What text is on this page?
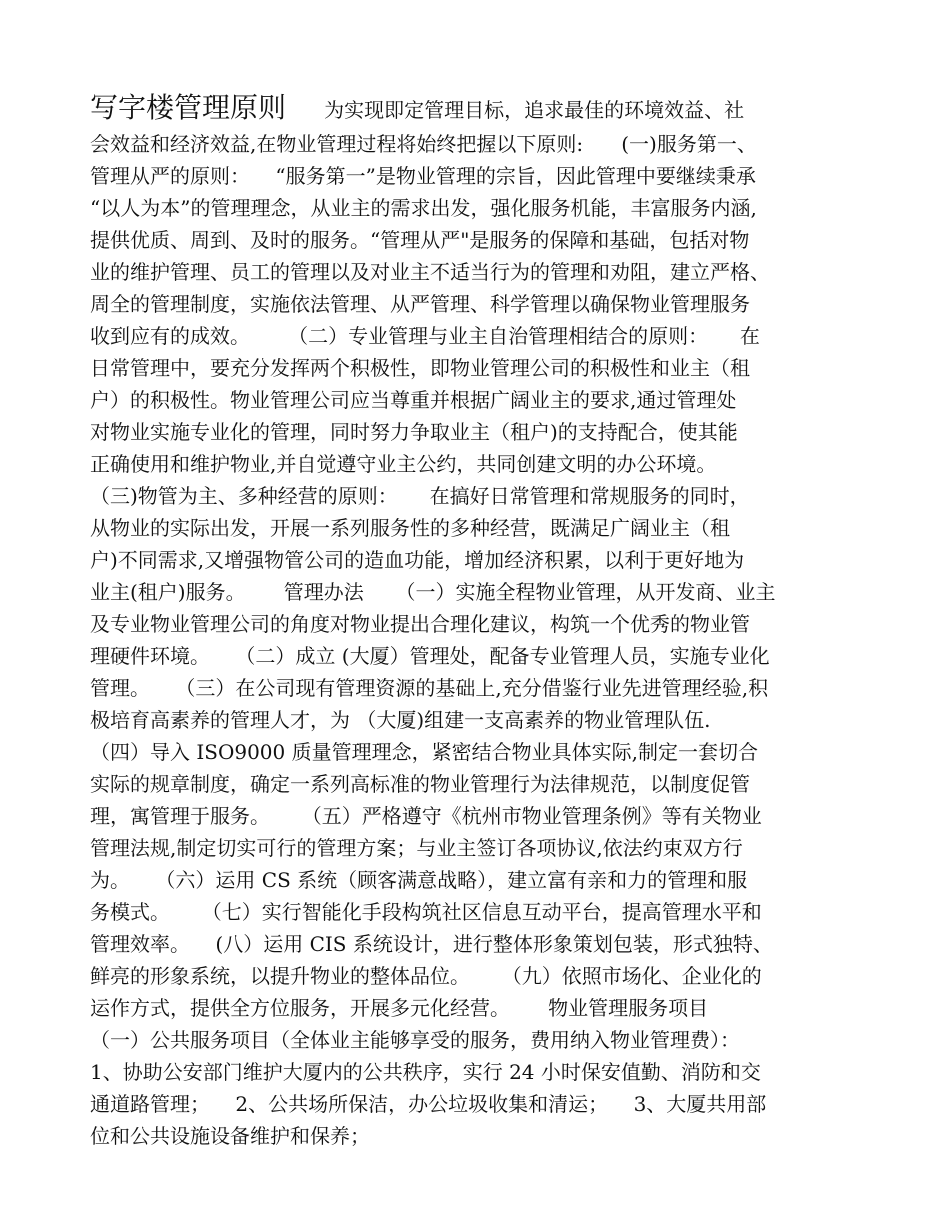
写字楼管理原则      为实现即定管理目标，追求最佳的环境效益、社
会效益和经济效益,在物业管理过程将始终把握以下原则:      (一)服务第一、
管理从严的原则：    “服务第一”是物业管理的宗旨，因此管理中要继续秉承
“以人为本”的管理理念，从业主的需求出发，强化服务机能，丰富服务内涵,
提供优质、周到、及时的服务。“管理从严"是服务的保障和基础，包括对物
业的维护管理、员工的管理以及对业主不适当行为的管理和劝阻，建立严格、
周全的管理制度，实施依法管理、从严管理、科学管理以确保物业管理服务
收到应有的成效。      （二）专业管理与业主自治管理相结合的原则：     在
日常管理中，要充分发挥两个积极性，即物业管理公司的积极性和业主（租
户）的积极性。物业管理公司应当尊重并根据广阔业主的要求,通过管理处
对物业实施专业化的管理，同时努力争取业主（租户)的支持配合，使其能
正确使用和维护物业,并自觉遵守业主公约，共同创建文明的办公环境。
（三)物管为主、多种经营的原则：     在搞好日常管理和常规服务的同时，
从物业的实际出发，开展一系列服务性的多种经营，既满足广阔业主（租
户)不同需求,又增强物管公司的造血功能，增加经济积累，以利于更好地为
业主(租户)服务。      管理办法     （一）实施全程物业管理，从开发商、业主
及专业物业管理公司的角度对物业提出合理化建议，构筑一个优秀的物业管
理硬件环境。    （二）成立 (大厦）管理处，配备专业管理人员，实施专业化
管理。    （三）在公司现有管理资源的基础上,充分借鉴行业先进管理经验,积
极培育高素养的管理人才，为 （大厦)组建一支高素养的物业管理队伍.
（四）导入 ISO9000 质量管理理念，紧密结合物业具体实际,制定一套切合
实际的规章制度，确定一系列高标准的物业管理行为法律规范，以制度促管
理，寓管理于服务。     （五）严格遵守《杭州市物业管理条例》等有关物业
管理法规,制定切实可行的管理方案；与业主签订各项协议,依法约束双方行
为。    （六）运用 CS 系统（顾客满意战略），建立富有亲和力的管理和服
务模式。     （七）实行智能化手段构筑社区信息互动平台，提高管理水平和
管理效率。    (八）运用 CIS 系统设计，进行整体形象策划包装，形式独特、
鲜亮的形象系统，以提升物业的整体品位。     （九）依照市场化、企业化的
运作方式，提供全方位服务，开展多元化经营。      物业管理服务项目
（一）公共服务项目（全体业主能够享受的服务，费用纳入物业管理费）：
1、协助公安部门维护大厦内的公共秩序，实行 24 小时保安值勤、消防和交
通道路管理；    2、公共场所保洁，办公垃圾收集和清运；    3、大厦共用部
位和公共设施设备维护和保养；
